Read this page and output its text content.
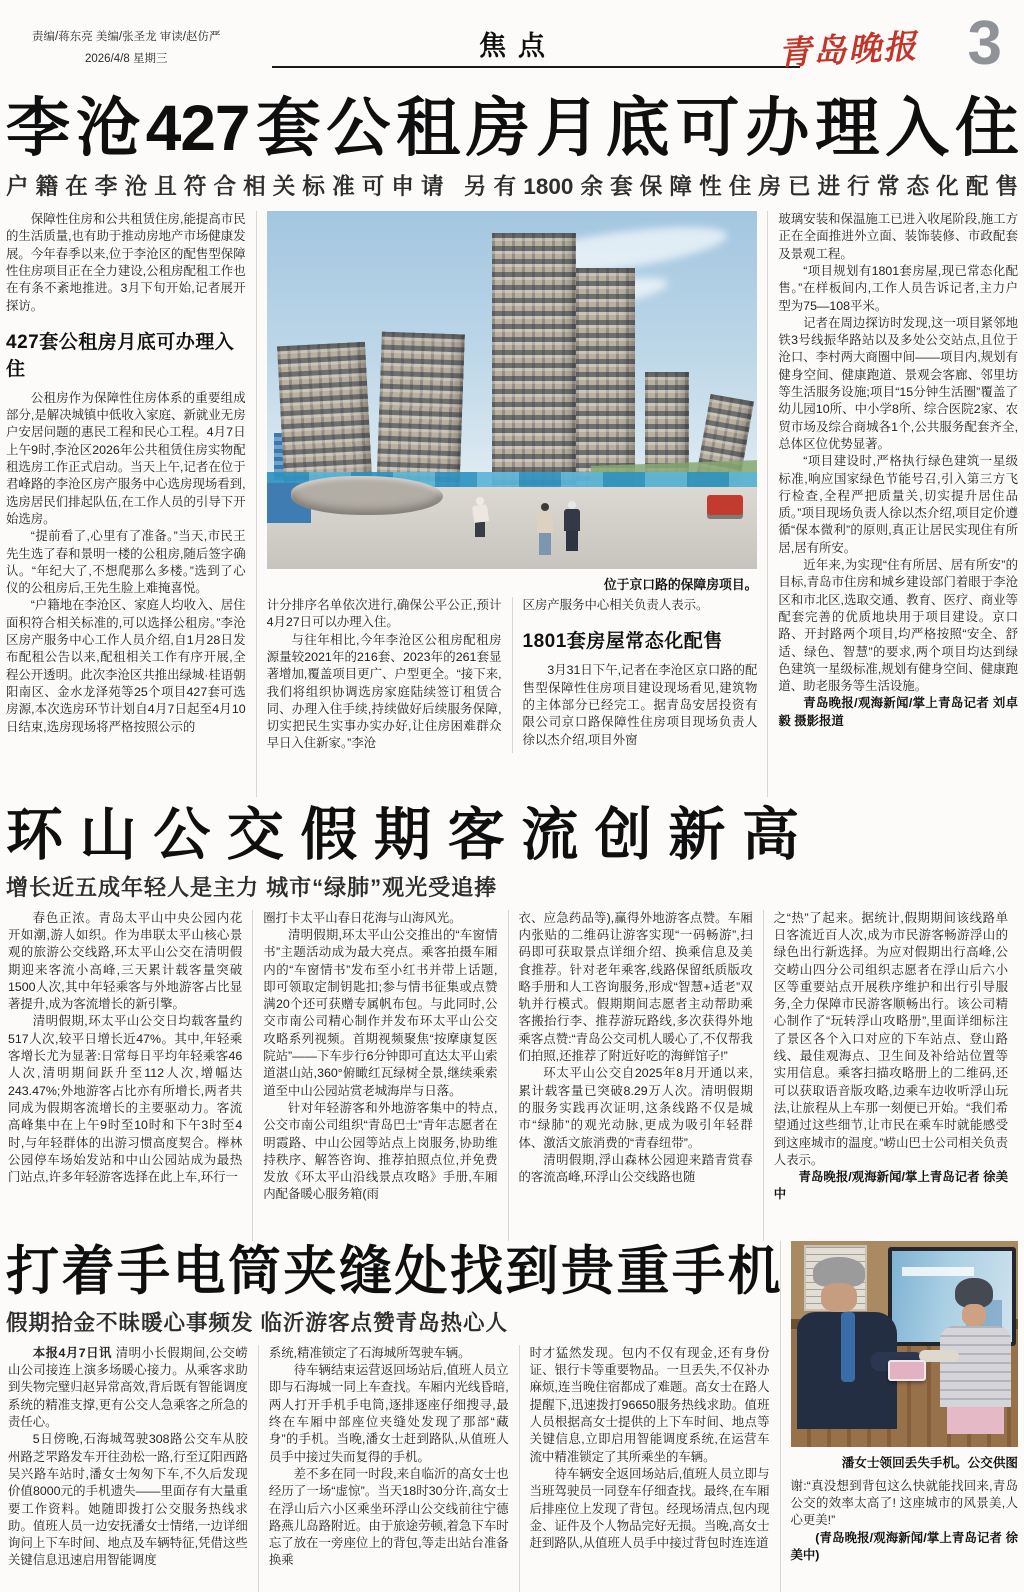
责编/蒋东亮 美编/张圣龙 审读/赵仿严
2026/4/8 星期三	焦点	青岛晚报 3
李沧427套公租房月底可办理入住
户籍在李沧且符合相关标准可申请 另有1800余套保障性住房已进行常态化配售

保障性住房和公共租赁住房,能提高市民的生活质量,也有助于推动房地产市场健康发展。今年春季以来,位于李沧区的配售型保障性住房项目正在全力建设,公租房配租工作也在有条不紊地推进。3月下旬开始,记者展开探访。

427套公租房月底可办理入住

公租房作为保障性住房体系的重要组成部分,是解决城镇中低收入家庭、新就业无房户安居问题的惠民工程和民心工程。4月7日上午9时,李沧区2026年公共租赁住房实物配租选房工作正式启动。当天上午,记者在位于君峰路的李沧区房产服务中心选房现场看到,选房居民们排起队伍,在工作人员的引导下开始选房。

“提前看了,心里有了准备。”当天,市民王先生选了春和景明一楼的公租房,随后签字确认。“年纪大了,不想爬那么多楼。”选到了心仪的公租房后,王先生脸上难掩喜悦。

“户籍地在李沧区、家庭人均收入、居住面积符合相关标准的,可以选择公租房。”李沧区房产服务中心工作人员介绍,自1月28日发布配租公告以来,配租相关工作有序开展,全程公开透明。此次李沧区共推出绿城·桂语朝阳南区、金水龙泽苑等25个项目427套可选房源,本次选房环节计划自4月7日起至4月10日结束,选房现场将严格按照公示的

位于京口路的保障房项目。

计分排序名单依次进行,确保公平公正,预计4月27日可以办理入住。

与往年相比,今年李沧区公租房配租房源量较2021年的216套、2023年的261套显著增加,覆盖项目更广、户型更全。“接下来,我们将组织协调选房家庭陆续签订租赁合同、办理入住手续,持续做好后续服务保障,切实把民生实事办实办好,让住房困难群众早日入住新家。”李沧

区房产服务中心相关负责人表示。

1801套房屋常态化配售

3月31日下午,记者在李沧区京口路的配售型保障性住房项目建设现场看见,建筑物的主体部分已经完工。据青岛安居投资有限公司京口路保障性住房项目现场负责人徐以杰介绍,项目外窗

玻璃安装和保温施工已进入收尾阶段,施工方正在全面推进外立面、装饰装修、市政配套及景观工程。

“项目规划有1801套房屋,现已常态化配售。”在样板间内,工作人员告诉记者,主力户型为75—108平米。

记者在周边探访时发现,这一项目紧邻地铁3号线振华路站以及多处公交站点,且位于沧口、李村两大商圈中间——项目内,规划有健身空间、健康跑道、景观会客廊、邻里坊等生活服务设施;项目“15分钟生活圈”覆盖了幼儿园10所、中小学8所、综合医院2家、农贸市场及综合商城各1个,公共服务配套齐全,总体区位优势显著。

“项目建设时,严格执行绿色建筑一星级标准,响应国家绿色节能号召,引入第三方飞行检查,全程严把质量关,切实提升居住品质。”项目现场负责人徐以杰介绍,项目定价遵循“保本微利”的原则,真正让居民实现住有所居,居有所安。

近年来,为实现“住有所居、居有所安”的目标,青岛市住房和城乡建设部门着眼于李沧区和市北区,选取交通、教育、医疗、商业等配套完善的优质地块用于项目建设。京口路、开封路两个项目,均严格按照“安全、舒适、绿色、智慧”的要求,两个项目均达到绿色建筑一星级标准,规划有健身空间、健康跑道、助老服务等生活设施。

青岛晚报/观海新闻/掌上青岛记者 刘卓毅 摄影报道

环山公交假期客流创新高
增长近五成年轻人是主力 城市“绿肺”观光受追捧

春色正浓。青岛太平山中央公园内花开如潮,游人如织。作为串联太平山核心景观的旅游公交线路,环太平山公交在清明假期迎来客流小高峰,三天累计载客量突破1500人次,其中年轻乘客与外地游客占比显著提升,成为客流增长的新引擎。

清明假期,环太平山公交日均载客量约517人次,较平日增长近47%。其中,年轻乘客增长尤为显著:日常每日平均年轻乘客46人次,清明期间跃升至112人次,增幅达243.47%;外地游客占比亦有所增长,两者共同成为假期客流增长的主要驱动力。客流高峰集中在上午9时至10时和下午3时至4时,与年轻群体的出游习惯高度契合。榉林公园停车场始发站和中山公园站成为最热门站点,许多年轻游客选择在此上车,环行一

圈打卡太平山春日花海与山海风光。

清明假期,环太平山公交推出的“车窗情书”主题活动成为最大亮点。乘客拍摄车厢内的“车窗情书”发布至小红书并带上话题,即可领取定制钥匙扣;参与情书征集或点赞满20个还可获赠专属帆布包。与此同时,公交市南公司精心制作并发布环太平山公交攻略系列视频。首期视频聚焦“按摩康复医院站”——下车步行6分钟即可直达太平山索道湛山站,360°俯瞰红瓦绿树全景,继续乘索道至中山公园站赏老城海岸与日落。

针对年轻游客和外地游客集中的特点,公交市南公司组织“青岛巴士”青年志愿者在明霞路、中山公园等站点上岗服务,协助维持秩序、解答咨询、推荐拍照点位,并免费发放《环太平山沿线景点攻略》手册,车厢内配备暖心服务箱(雨

衣、应急药品等),赢得外地游客点赞。车厢内张贴的二维码让游客实现“一码畅游”,扫码即可获取景点详细介绍、换乘信息及美食推荐。针对老年乘客,线路保留纸质版攻略手册和人工咨询服务,形成“智慧+适老”双轨并行模式。假期期间志愿者主动帮助乘客搬抬行李、推荐游玩路线,多次获得外地乘客点赞:“青岛公交司机人暖心了,不仅帮我们拍照,还推荐了附近好吃的海鲜馆子!”

环太平山公交自2025年8月开通以来,累计载客量已突破8.29万人次。清明假期的服务实践再次证明,这条线路不仅是城市“绿肺”的观光动脉,更成为吸引年轻群体、激活文旅消费的“青春纽带”。

清明假期,浮山森林公园迎来踏青赏春的客流高峰,环浮山公交线路也随

之“热”了起来。据统计,假期期间该线路单日客流近百人次,成为市民游客畅游浮山的绿色出行新选择。为应对假期出行高峰,公交崂山四分公司组织志愿者在浮山后六小区等重要站点开展秩序维护和出行引导服务,全力保障市民游客顺畅出行。该公司精心制作了“玩转浮山攻略册”,里面详细标注了景区各个入口对应的下车站点、登山路线、最佳观海点、卫生间及补给站位置等实用信息。乘客扫描攻略册上的二维码,还可以获取语音版攻略,边乘车边收听浮山玩法,让旅程从上车那一刻便已开始。“我们希望通过这些细节,让市民在乘车时就能感受到这座城市的温度。”崂山巴士公司相关负责人表示。

青岛晚报/观海新闻/掌上青岛记者 徐美中

打着手电筒夹缝处找到贵重手机
假期拾金不昧暖心事频发 临沂游客点赞青岛热心人

本报4月7日讯 清明小长假期间,公交崂山公司接连上演多场暖心接力。从乘客求助到失物完璧归赵异常高效,背后既有智能调度系统的精准支撑,更有公交人急乘客之所急的责任心。

5日傍晚,石海城驾驶308路公交车从胶州路芝罘路发车开往劲松一路,行至辽阳西路吴兴路车站时,潘女士匆匆下车,不久后发现价值8000元的手机遗失——里面存有大量重要工作资料。她随即拨打公交服务热线求助。值班人员一边安抚潘女士情绪,一边详细询问上下车时间、地点及车辆特征,凭借这些关键信息迅速启用智能调度

系统,精准锁定了石海城所驾驶车辆。

待车辆结束运营返回场站后,值班人员立即与石海城一同上车查找。车厢内光线昏暗,两人打开手机手电筒,逐排逐座仔细搜寻,最终在车厢中部座位夹缝处发现了那部“藏身”的手机。当晚,潘女士赶到路队,从值班人员手中接过失而复得的手机。

差不多在同一时段,来自临沂的高女士也经历了一场“虚惊”。当天18时30分许,高女士在浮山后六小区乘坐环浮山公交线前往宁德路燕儿岛路附近。由于旅途劳顿,着急下车时忘了放在一旁座位上的背包,等走出站台准备换乘

时才猛然发现。包内不仅有现金,还有身份证、银行卡等重要物品。一旦丢失,不仅补办麻烦,连当晚住宿都成了难题。高女士在路人提醒下,迅速拨打96650服务热线求助。值班人员根据高女士提供的上下车时间、地点等关键信息,立即启用智能调度系统,在运营车流中精准锁定了其所乘坐的车辆。

待车辆安全返回场站后,值班人员立即与当班驾驶员一同登车仔细查找。最终,在车厢后排座位上发现了背包。经现场清点,包内现金、证件及个人物品完好无损。当晚,高女士赶到路队,从值班人员手中接过背包时连连道

潘女士领回丢失手机。公交供图

谢:“真没想到背包这么快就能找回来,青岛公交的效率太高了! 这座城市的风景美,人心更美!”

(青岛晚报/观海新闻/掌上青岛记者 徐美中)
